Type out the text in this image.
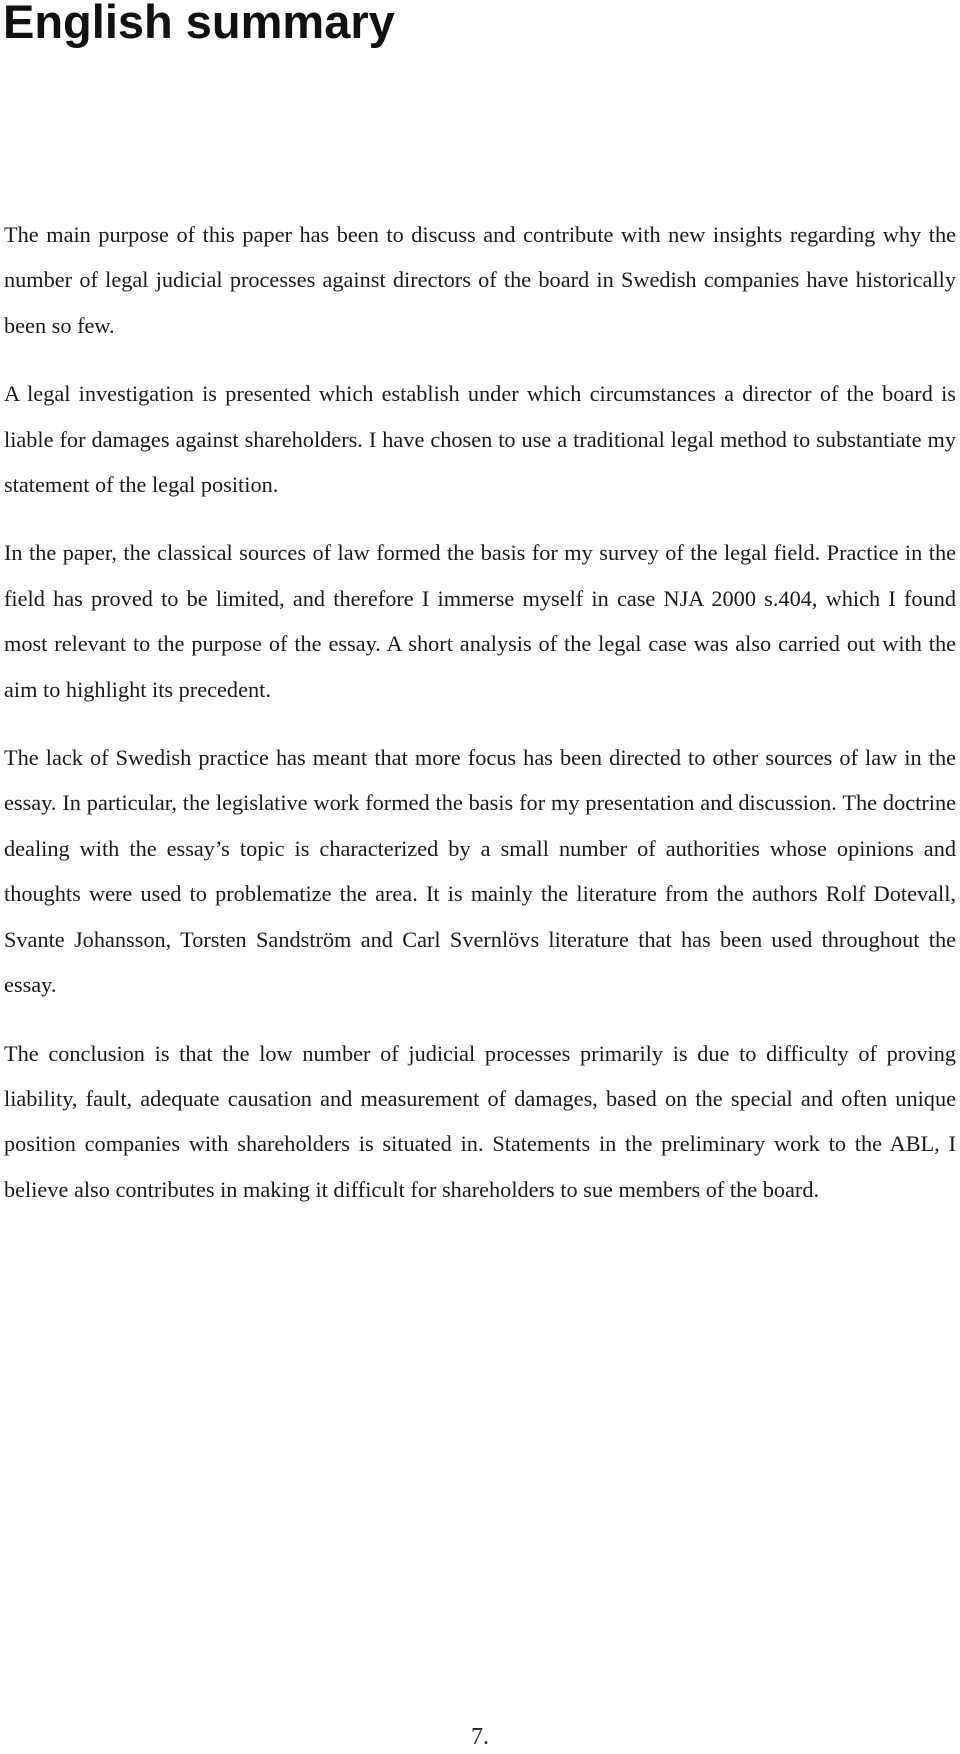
English summary

The main purpose of this paper has been to discuss and contribute with new insights regarding why the number of legal judicial processes against directors of the board in Swedish companies have historically been so few.

A legal investigation is presented which establish under which circumstances a director of the board is liable for damages against shareholders. I have chosen to use a traditional legal method to substantiate my statement of the legal position.

In the paper, the classical sources of law formed the basis for my survey of the legal field. Practice in the field has proved to be limited, and therefore I immerse myself in case NJA 2000 s.404, which I found most relevant to the purpose of the essay. A short analysis of the legal case was also carried out with the aim to highlight its precedent.

The lack of Swedish practice has meant that more focus has been directed to other sources of law in the essay. In particular, the legislative work formed the basis for my presentation and discussion. The doctrine dealing with the essay’s topic is characterized by a small number of authorities whose opinions and thoughts were used to problematize the area. It is mainly the literature from the authors Rolf Dotevall, Svante Johansson, Torsten Sandström and Carl Svernlövs literature that has been used throughout the essay.

The conclusion is that the low number of judicial processes primarily is due to difficulty of proving liability, fault, adequate causation and measurement of damages, based on the special and often unique position companies with shareholders is situated in. Statements in the preliminary work to the ABL, I believe also contributes in making it difficult for shareholders to sue members of the board.

7.
